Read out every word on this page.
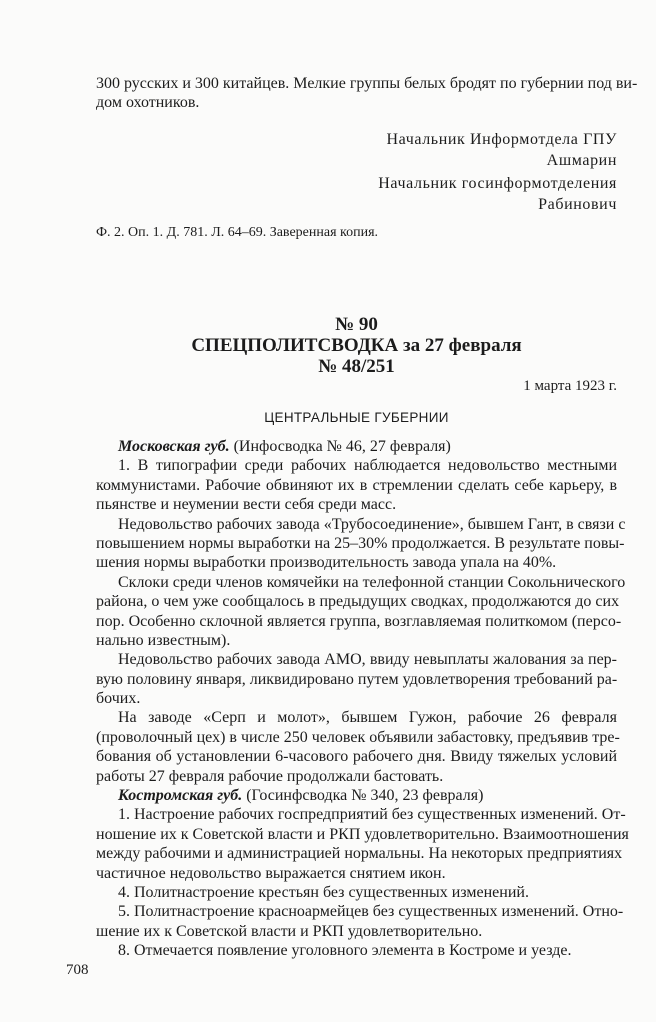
300 русских и 300 китайцев. Мелкие группы белых бродят по губернии под ви-
дом охотников.
Начальник Информотдела ГПУ
Ашмарин
Начальник госинформотделения
Рабинович
Ф. 2. Оп. 1. Д. 781. Л. 64–69. Заверенная копия.
№ 90
СПЕЦПОЛИТСВОДКА за 27 февраля
№ 48/251
1 марта 1923 г.
ЦЕНТРАЛЬНЫЕ ГУБЕРНИИ
Московская губ. (Инфосводка № 46, 27 февраля)
1. В типографии среди рабочих наблюдается недовольство местными
коммунистами. Рабочие обвиняют их в стремлении сделать себе карьеру, в
пьянстве и неумении вести себя среди масс.
Недовольство рабочих завода «Трубосоединение», бывшем Гант, в связи с
повышением нормы выработки на 25–30% продолжается. В результате повы-
шения нормы выработки производительность завода упала на 40%.
Склоки среди членов комячейки на телефонной станции Сокольнического
района, о чем уже сообщалось в предыдущих сводках, продолжаются до сих
пор. Особенно склочной является группа, возглавляемая политкомом (персо-
нально известным).
Недовольство рабочих завода АМО, ввиду невыплаты жалования за пер-
вую половину января, ликвидировано путем удовлетворения требований ра-
бочих.
На заводе «Серп и молот», бывшем Гужон, рабочие 26 февраля
(проволочный цех) в числе 250 человек объявили забастовку, предъявив тре-
бования об установлении 6-часового рабочего дня. Ввиду тяжелых условий
работы 27 февраля рабочие продолжали бастовать.
Костромская губ. (Госинфсводка № 340, 23 февраля)
1. Настроение рабочих госпредприятий без существенных изменений. От-
ношение их к Советской власти и РКП удовлетворительно. Взаимоотношения
между рабочими и администрацией нормальны. На некоторых предприятиях
частичное недовольство выражается снятием икон.
4. Политнастроение крестьян без существенных изменений.
5. Политнастроение красноармейцев без существенных изменений. Отно-
шение их к Советской власти и РКП удовлетворительно.
8. Отмечается появление уголовного элемента в Костроме и уезде.
708
